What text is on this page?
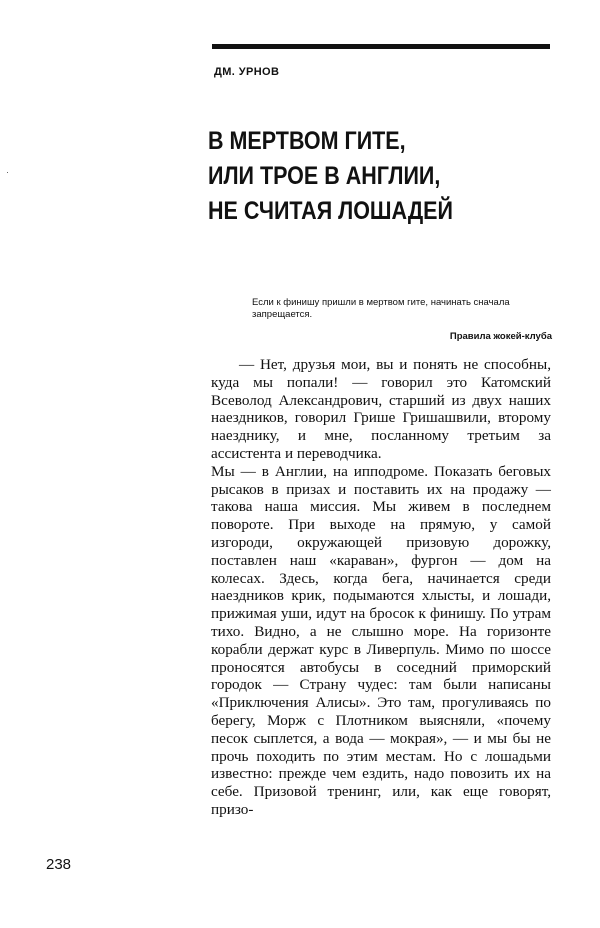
ДМ. УРНОВ
В МЕРТВОМ ГИТЕ,
ИЛИ ТРОЕ В АНГЛИИ,
НЕ СЧИТАЯ ЛОШАДЕЙ
Если к финишу пришли в мертвом гите, начинать сначала запрещается.
Правила жокей-клуба

— Нет, друзья мои, вы и понять не способны, куда мы попали! — говорил это Катомский Всеволод Александрович, старший из двух наших наездников, говорил Грише Гришашвили, второму наезднику, и мне, посланному третьим за ассистента и переводчика.

Мы — в Англии, на ипподроме. Показать беговых рысаков в призах и поставить их на продажу — такова наша миссия. Мы живем в последнем повороте. При выходе на прямую, у самой изгороди, окружающей призовую дорожку, поставлен наш «караван», фургон — дом на колесах. Здесь, когда бега, начинается среди наездников крик, подымаются хлысты, и лошади, прижимая уши, идут на бросок к финишу. По утрам тихо. Видно, а не слышно море. На горизонте корабли держат курс в Ливерпуль. Мимо по шоссе проносятся автобусы в соседний приморский городок — Страну чудес: там были написаны «Приключения Алисы». Это там, прогуливаясь по берегу, Морж с Плотником выясняли, «почему песок сыплется, а вода — мокрая», — и мы бы не прочь походить по этим местам. Но с лошадьми известно: прежде чем ездить, надо повозить их на себе. Призовой тренинг, или, как еще говорят, призо-

238
